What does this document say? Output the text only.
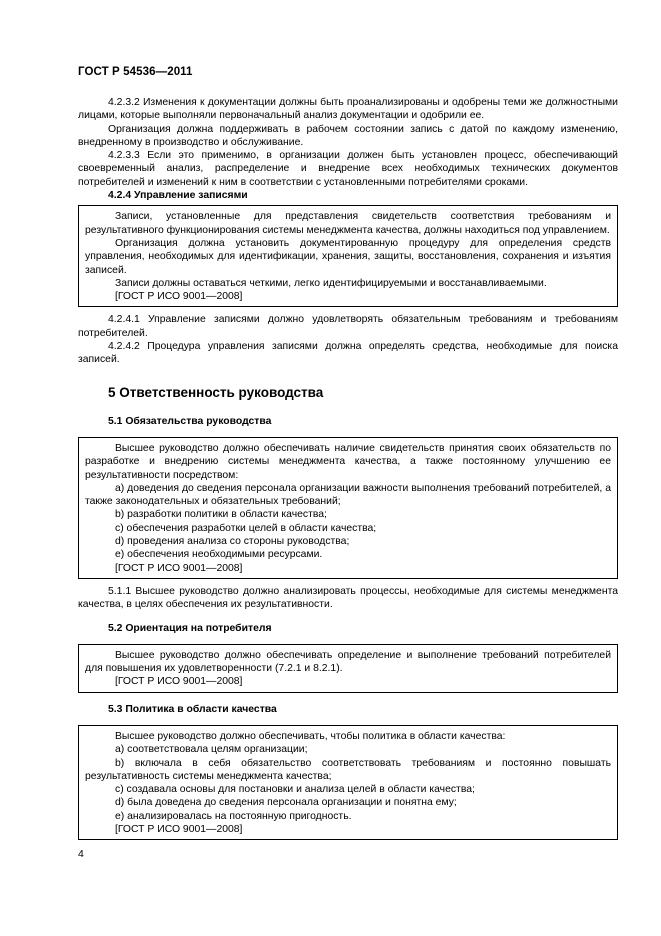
ГОСТ Р 54536—2011

4.2.3.2 Изменения к документации должны быть проанализированы и одобрены теми же должностными лицами, которые выполняли первоначальный анализ документации и одобрили ее.

Организация должна поддерживать в рабочем состоянии запись с датой по каждому изменению, внедренному в производство и обслуживание.

4.2.3.3 Если это применимо, в организации должен быть установлен процесс, обеспечивающий своевременный анализ, распределение и внедрение всех необходимых технических документов потребителей и изменений к ним в соответствии с установленными потребителями сроками.

4.2.4 Управление записями

Записи, установленные для представления свидетельств соответствия требованиям и результативного функционирования системы менеджмента качества, должны находиться под управлением.

Организация должна установить документированную процедуру для определения средств управления, необходимых для идентификации, хранения, защиты, восстановления, сохранения и изъятия записей.

Записи должны оставаться четкими, легко идентифицируемыми и восстанавливаемыми.

[ГОСТ Р ИСО 9001—2008]

4.2.4.1 Управление записями должно удовлетворять обязательным требованиям и требованиям потребителей.

4.2.4.2 Процедура управления записями должна определять средства, необходимые для поиска записей.

5 Ответственность руководства

5.1 Обязательства руководства

Высшее руководство должно обеспечивать наличие свидетельств принятия своих обязательств по разработке и внедрению системы менеджмента качества, а также постоянному улучшению ее результативности посредством:

a) доведения до сведения персонала организации важности выполнения требований потребителей, а также законодательных и обязательных требований;

b) разработки политики в области качества;

c) обеспечения разработки целей в области качества;

d) проведения анализа со стороны руководства;

e) обеспечения необходимыми ресурсами.

[ГОСТ Р ИСО 9001—2008]

5.1.1 Высшее руководство должно анализировать процессы, необходимые для системы менеджмента качества, в целях обеспечения их результативности.

5.2 Ориентация на потребителя

Высшее руководство должно обеспечивать определение и выполнение требований потребителей для повышения их удовлетворенности (7.2.1 и 8.2.1).

[ГОСТ Р ИСО 9001—2008]

5.3 Политика в области качества

Высшее руководство должно обеспечивать, чтобы политика в области качества:

a) соответствовала целям организации;

b) включала в себя обязательство соответствовать требованиям и постоянно повышать результативность системы менеджмента качества;

c) создавала основы для постановки и анализа целей в области качества;

d) была доведена до сведения персонала организации и понятна ему;

e) анализировалась на постоянную пригодность.

[ГОСТ Р ИСО 9001—2008]

4
